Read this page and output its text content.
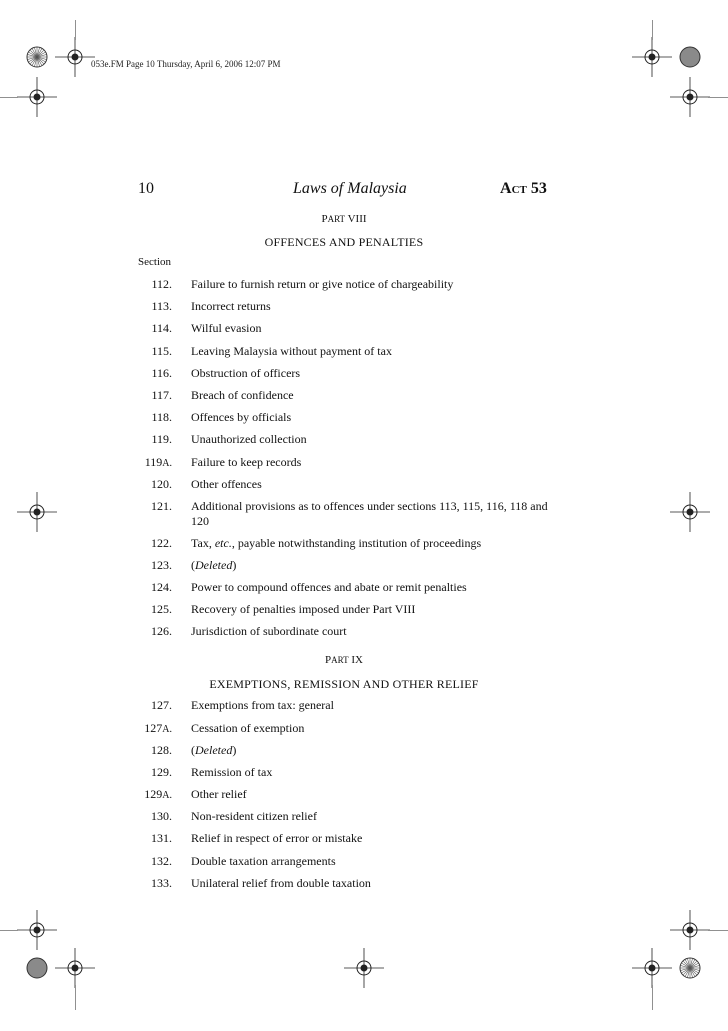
053e.FM Page 10 Thursday, April 6, 2006 12:07 PM
10	Laws of Malaysia	ACT 53
PART VIII
OFFENCES AND PENALTIES
Section
112. Failure to furnish return or give notice of chargeability
113. Incorrect returns
114. Wilful evasion
115. Leaving Malaysia without payment of tax
116. Obstruction of officers
117. Breach of confidence
118. Offences by officials
119. Unauthorized collection
119A. Failure to keep records
120. Other offences
121. Additional provisions as to offences under sections 113, 115, 116, 118 and 120
122. Tax, etc., payable notwithstanding institution of proceedings
123. (Deleted)
124. Power to compound offences and abate or remit penalties
125. Recovery of penalties imposed under Part VIII
126. Jurisdiction of subordinate court
PART IX
EXEMPTIONS, REMISSION AND OTHER RELIEF
127. Exemptions from tax: general
127A. Cessation of exemption
128. (Deleted)
129. Remission of tax
129A. Other relief
130. Non-resident citizen relief
131. Relief in respect of error or mistake
132. Double taxation arrangements
133. Unilateral relief from double taxation
